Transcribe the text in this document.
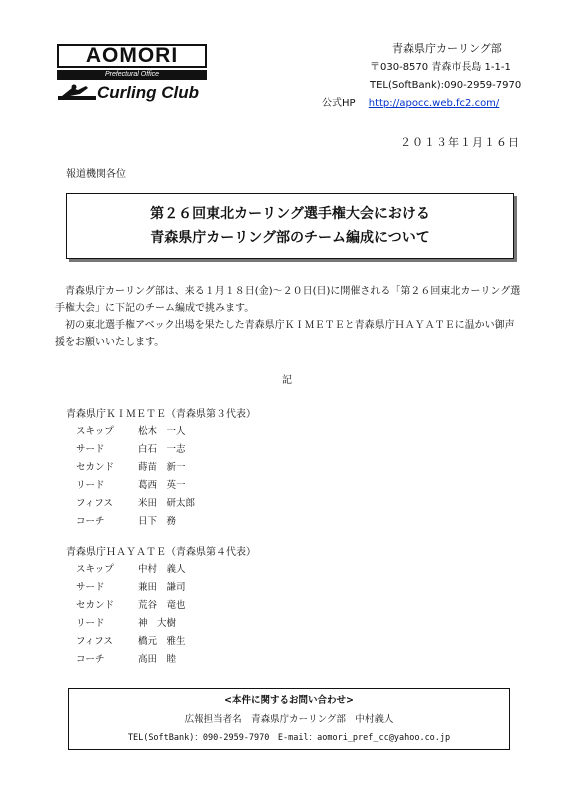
AOMORI
Prefectural Office
Curling Club
青森県庁カーリング部
〒030-8570 青森市長島 1-1-1
TEL(SoftBank):090-2959-7970
公式HP http://apocc.web.fc2.com/
２０１３年１月１６日
報道機関各位
第２６回東北カーリング選手権大会における
青森県庁カーリング部のチーム編成について

青森県庁カーリング部は、来る１月１８日(金)～２０日(日)に開催される「第２６回東北カーリング選手権大会」に下記のチーム編成で挑みます。

初の東北選手権アベック出場を果たした青森県庁ＫＩＭＥＴＥと青森県庁ＨＡＹＡＴＥに温かい御声援をお願いいたします。

記
青森県庁ＫＩＭＥＴＥ（青森県第３代表）
スキップ	松木　一人
サード	白石　一志
セカンド	蒔苗　新一
リード	葛西　英一
フィフス	米田　研太郎
コーチ	日下　務
青森県庁ＨＡＹＡＴＥ（青森県第４代表）
スキップ	中村　義人
サード	兼田　謙司
セカンド	荒谷　竜也
リード	神　大樹
フィフス	橋元　雅生
コーチ	高田　睦
<本件に関するお問い合わせ>
広報担当者名　青森県庁カーリング部　中村義人
TEL(SoftBank)：090-2959-7970　E-mail：aomori_pref_cc@yahoo.co.jp
